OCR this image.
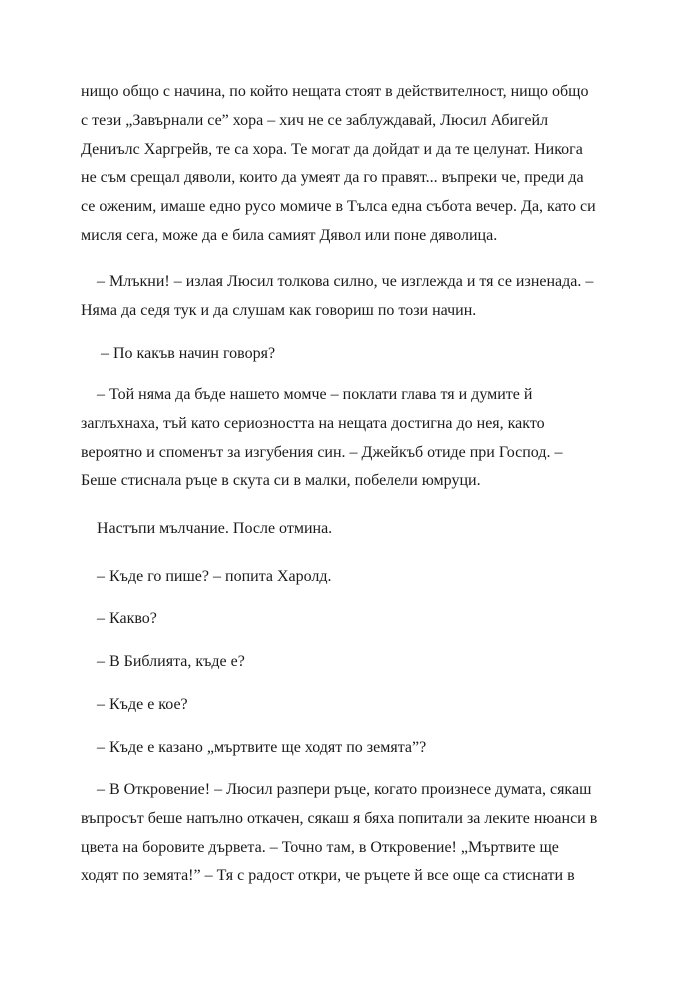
нищо общо с начина, по който нещата стоят в действителност, нищо общо
с тези „Завърнали се” хора – хич не се заблуждавай, Люсил Абигейл
Дениълс Харгрейв, те са хора. Те могат да дойдат и да те целунат. Никога
не съм срещал дяволи, които да умеят да го правят... въпреки че, преди да
се оженим, имаше едно русо момиче в Тълса една събота вечер. Да, като си
мисля сега, може да е била самият Дявол или поне дяволица.
– Млъкни! – излая Люсил толкова силно, че изглежда и тя се изненада. –
Няма да седя тук и да слушам как говориш по този начин.
– По какъв начин говоря?
– Той няма да бъде нашето момче – поклати глава тя и думите й
заглъхнаха, тъй като сериозността на нещата достигна до нея, както
вероятно и споменът за изгубения син. – Джейкъб отиде при Господ. –
Беше стиснала ръце в скута си в малки, побелели юмруци.
Настъпи мълчание. После отмина.
– Къде го пише? – попита Харолд.
– Какво?
– В Библията, къде е?
– Къде е кое?
– Къде е казано „мъртвите ще ходят по земята”?
– В Откровение! – Люсил разпери ръце, когато произнесе думата, сякаш
въпросът беше напълно откачен, сякаш я бяха попитали за леките нюанси в
цвета на боровите дървета. – Точно там, в Откровение! „Мъртвите ще
ходят по земята!” – Тя с радост откри, че ръцете й все още са стиснати в
